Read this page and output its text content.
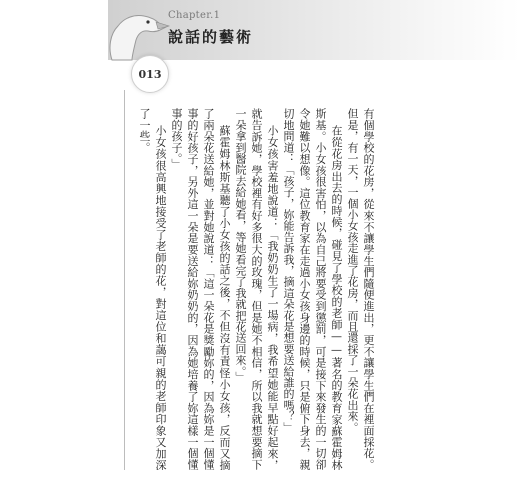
Chapter.1
說話的藝術
013

有個學校的花房，從來不讓學生們隨便進出，更不讓學生們在裡面採花。但是，有一天，一個小女孩走進了花房，而且還採了一朵花出來。

在從花房出去的時候，碰見了學校的老師——著名的教育家蘇霍姆林斯基。小女孩很害怕，以為自己將要受到懲罰，可是接下來發生的一切卻令她難以想像。這位教育家在走過小女孩身邊的時候，只是俯下身去，親切地問道：「孩子，妳能告訴我，摘這朵花是想要送給誰的嗎？」

小女孩害羞地說道：「我奶奶生了一場病，我希望她能早點好起來，就告訴她，學校裡有好多很大的玫瑰，但是她不相信，所以我就想要摘下一朵拿到醫院去給她看，等她看完了我就把花送回來。」

蘇霍姆林斯基聽了小女孩的話之後，不但沒有責怪小女孩，反而又摘了兩朵花送給她，並對她說道：「這一朵花是獎勵妳的，因為妳是一個懂事的好孩子，另外這一朵是要送給妳奶奶的，因為她培養了妳這樣一個懂事的孩子。」

小女孩很高興地接受了老師的花，對這位和藹可親的老師印象又加深了一些。
